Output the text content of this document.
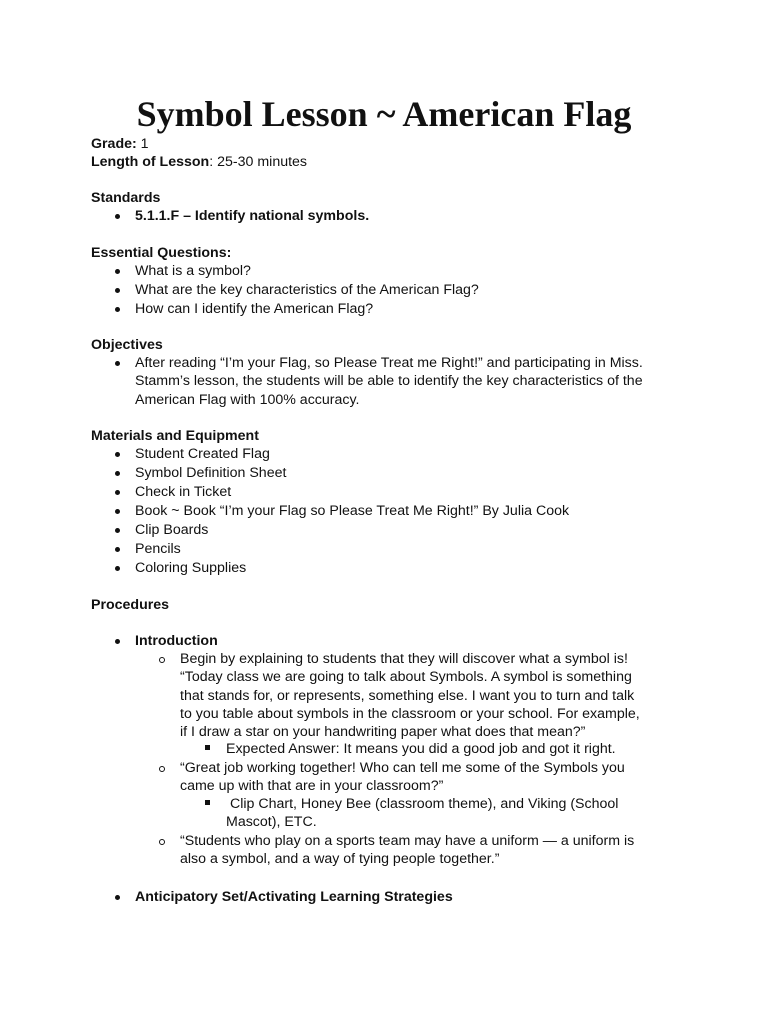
Symbol Lesson ~ American Flag
Grade: 1
Length of Lesson: 25-30 minutes
Standards
5.1.1.F – Identify national symbols.
Essential Questions:
What is a symbol?
What are the key characteristics of the American Flag?
How can I identify the American Flag?
Objectives
After reading “I’m your Flag, so Please Treat me Right!” and participating in Miss.
Stamm’s lesson, the students will be able to identify the key characteristics of the
American Flag with 100% accuracy.
Materials and Equipment
Student Created Flag
Symbol Definition Sheet
Check in Ticket
Book ~ Book “I’m your Flag so Please Treat Me Right!” By Julia Cook
Clip Boards
Pencils
Coloring Supplies
Procedures
Introduction
Begin by explaining to students that they will discover what a symbol is!
“Today class we are going to talk about Symbols. A symbol is something
that stands for, or represents, something else. I want you to turn and talk
to you table about symbols in the classroom or your school. For example,
if I draw a star on your handwriting paper what does that mean?”
Expected Answer: It means you did a good job and got it right.
“Great job working together! Who can tell me some of the Symbols you
came up with that are in your classroom?”
Clip Chart, Honey Bee (classroom theme), and Viking (School
Mascot), ETC.
“Students who play on a sports team may have a uniform — a uniform is
also a symbol, and a way of tying people together.”
Anticipatory Set/Activating Learning Strategies
